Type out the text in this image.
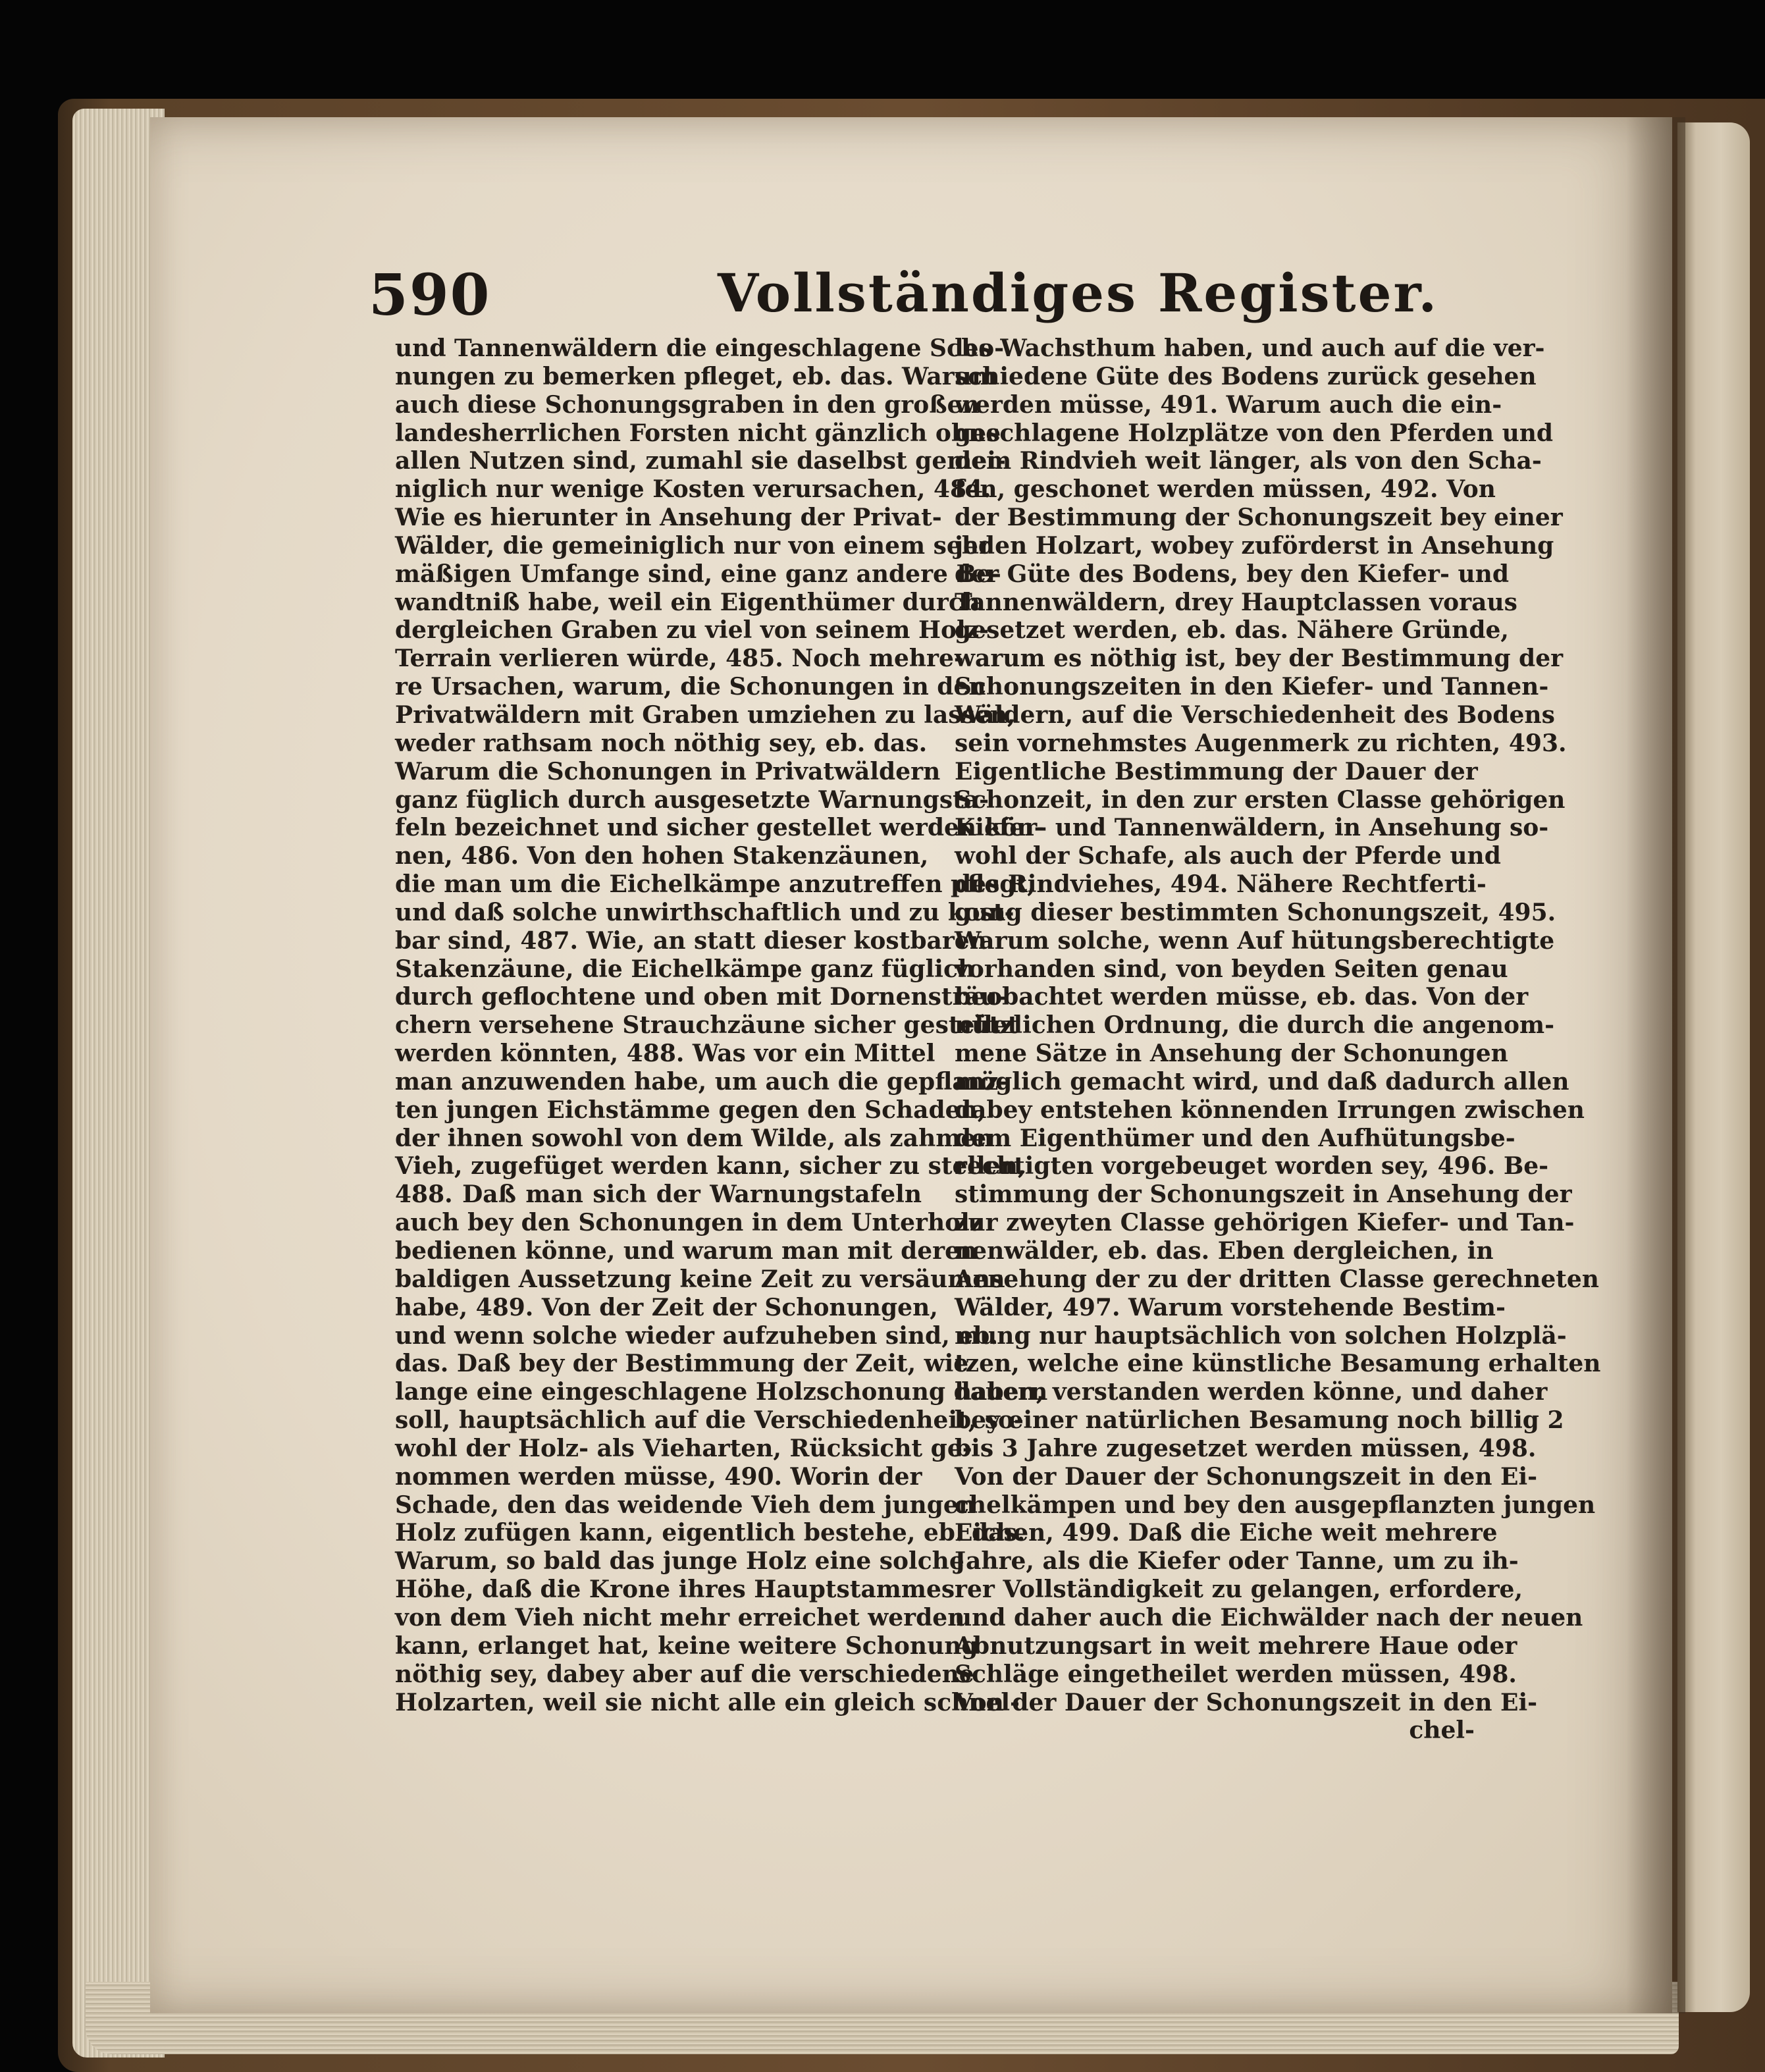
590	Vollständiges Register.
und Tannenwäldern die eingeschlagene Scho-
nungen zu bemerken pfleget, eb. das. Warum
auch diese Schonungsgraben in den großen
landesherrlichen Forsten nicht gänzlich ohne
allen Nutzen sind, zumahl sie daselbst gemei-
niglich nur wenige Kosten verursachen, 484.
Wie es hierunter in Ansehung der Privat-
Wälder, die gemeiniglich nur von einem sehr
mäßigen Umfange sind, eine ganz andere Be-
wandtniß habe, weil ein Eigenthümer durch
dergleichen Graben zu viel von seinem Holz-
Terrain verlieren würde, 485. Noch mehre-
re Ursachen, warum, die Schonungen in den
Privatwäldern mit Graben umziehen zu lassen,
weder rathsam noch nöthig sey, eb. das.
Warum die Schonungen in Privatwäldern
ganz füglich durch ausgesetzte Warnungsta-
feln bezeichnet und sicher gestellet werden kön-
nen, 486. Von den hohen Stakenzäunen,
die man um die Eichelkämpe anzutreffen pflegt,
und daß solche unwirthschaftlich und zu kost-
bar sind, 487. Wie, an statt dieser kostbaren
Stakenzäune, die Eichelkämpe ganz füglich
durch geflochtene und oben mit Dornensträu-
chern versehene Strauchzäune sicher gestellet
werden könnten, 488. Was vor ein Mittel
man anzuwenden habe, um auch die gepflanz-
ten jungen Eichstämme gegen den Schaden,
der ihnen sowohl von dem Wilde, als zahmen
Vieh, zugefüget werden kann, sicher zu stellen,
488. Daß man sich der Warnungstafeln
auch bey den Schonungen in dem Unterholz
bedienen könne, und warum man mit deren
baldigen Aussetzung keine Zeit zu versäumen
habe, 489. Von der Zeit der Schonungen,
und wenn solche wieder aufzuheben sind, eb.
das. Daß bey der Bestimmung der Zeit, wie
lange eine eingeschlagene Holzschonung dauern
soll, hauptsächlich auf die Verschiedenheit, so-
wohl der Holz- als Vieharten, Rücksicht ge-
nommen werden müsse, 490. Worin der
Schade, den das weidende Vieh dem jungen
Holz zufügen kann, eigentlich bestehe, eb. das.
Warum, so bald das junge Holz eine solche
Höhe, daß die Krone ihres Hauptstammes
von dem Vieh nicht mehr erreichet werden
kann, erlanget hat, keine weitere Schonung
nöthig sey, dabey aber auf die verschiedene
Holzarten, weil sie nicht alle ein gleich schnel-
les Wachsthum haben, und auch auf die ver-
schiedene Güte des Bodens zurück gesehen
werden müsse, 491. Warum auch die ein-
geschlagene Holzplätze von den Pferden und
dem Rindvieh weit länger, als von den Scha-
fen, geschonet werden müssen, 492. Von
der Bestimmung der Schonungszeit bey einer
jeden Holzart, wobey zuförderst in Ansehung
der Güte des Bodens, bey den Kiefer- und
Tannenwäldern, drey Hauptclassen voraus
gesetzet werden, eb. das. Nähere Gründe,
warum es nöthig ist, bey der Bestimmung der
Schonungszeiten in den Kiefer- und Tannen-
Wäldern, auf die Verschiedenheit des Bodens
sein vornehmstes Augenmerk zu richten, 493.
Eigentliche Bestimmung der Dauer der
Schonzeit, in den zur ersten Classe gehörigen
Kiefer- und Tannenwäldern, in Ansehung so-
wohl der Schafe, als auch der Pferde und
des Rindviehes, 494. Nähere Rechtferti-
gung dieser bestimmten Schonungszeit, 495.
Warum solche, wenn Auf hütungsberechtigte
vorhanden sind, von beyden Seiten genau
beobachtet werden müsse, eb. das. Von der
nützlichen Ordnung, die durch die angenom-
mene Sätze in Ansehung der Schonungen
möglich gemacht wird, und daß dadurch allen
dabey entstehen könnenden Irrungen zwischen
dem Eigenthümer und den Aufhütungsbe-
rechtigten vorgebeuget worden sey, 496. Be-
stimmung der Schonungszeit in Ansehung der
zur zweyten Classe gehörigen Kiefer- und Tan-
nenwälder, eb. das. Eben dergleichen, in
Ansehung der zu der dritten Classe gerechneten
Wälder, 497. Warum vorstehende Bestim-
mung nur hauptsächlich von solchen Holzplä-
tzen, welche eine künstliche Besamung erhalten
haben, verstanden werden könne, und daher
bey einer natürlichen Besamung noch billig 2
bis 3 Jahre zugesetzet werden müssen, 498.
Von der Dauer der Schonungszeit in den Ei-
chelkämpen und bey den ausgepflanzten jungen
Eichen, 499. Daß die Eiche weit mehrere
Jahre, als die Kiefer oder Tanne, um zu ih-
rer Vollständigkeit zu gelangen, erfordere,
und daher auch die Eichwälder nach der neuen
Abnutzungsart in weit mehrere Haue oder
Schläge eingetheilet werden müssen, 498.
Von der Dauer der Schonungszeit in den Ei-
chel-
